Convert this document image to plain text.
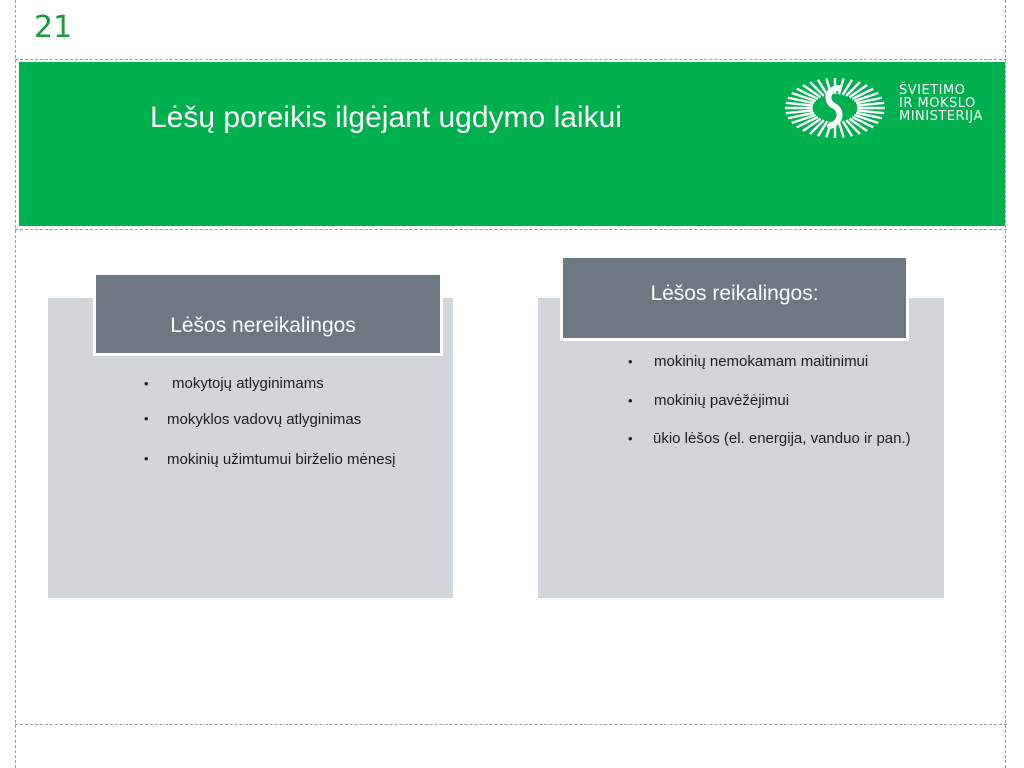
21
Lėšų poreikis ilgėjant ugdymo laikui
ŠVIETIMO
IR MOKSLO
MINISTERIJA
Lėšos nereikalingos
• mokytojų atlyginimams
• mokyklos vadovų atlyginimas
• mokinių užimtumui birželio mėnesį
Lėšos reikalingos:
• mokinių nemokamam maitinimui
• mokinių pavėžėjimui
• ūkio lėšos (el. energija, vanduo ir pan.)
